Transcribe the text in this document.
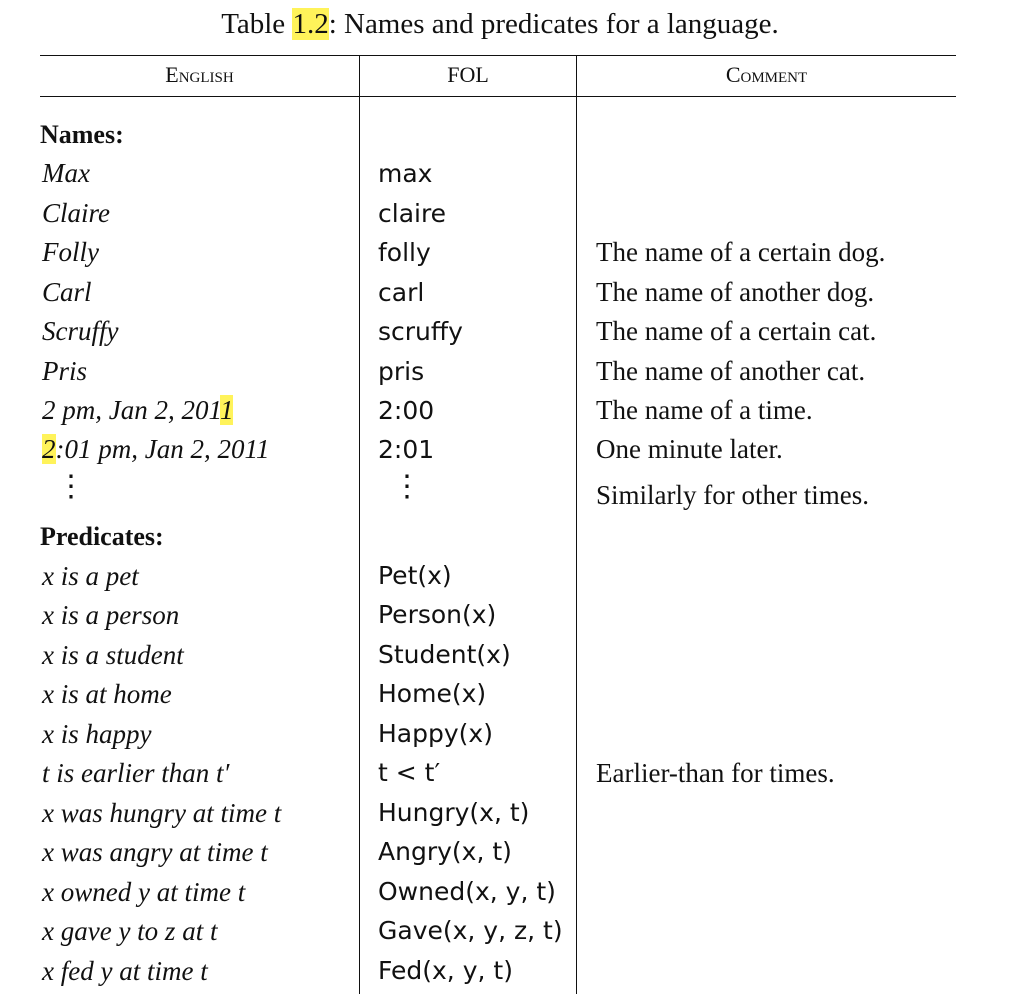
Table 1.2: Names and predicates for a language.
English	FOL	Comment
Names:
Max	max
Claire	claire
Folly	folly	The name of a certain dog.
Carl	carl	The name of another dog.
Scruffy	scruffy	The name of a certain cat.
Pris	pris	The name of another cat.
2 pm, Jan 2, 2011	2:00	The name of a time.
2:01 pm, Jan 2, 2011	2:01	One minute later.
⋮	⋮	Similarly for other times.
Predicates:
x is a pet	Pet(x)
x is a person	Person(x)
x is a student	Student(x)
x is at home	Home(x)
x is happy	Happy(x)
t is earlier than t′	t < t′	Earlier-than for times.
x was hungry at time t	Hungry(x, t)
x was angry at time t	Angry(x, t)
x owned y at time t	Owned(x, y, t)
x gave y to z at t	Gave(x, y, z, t)
x fed y at time t	Fed(x, y, t)
